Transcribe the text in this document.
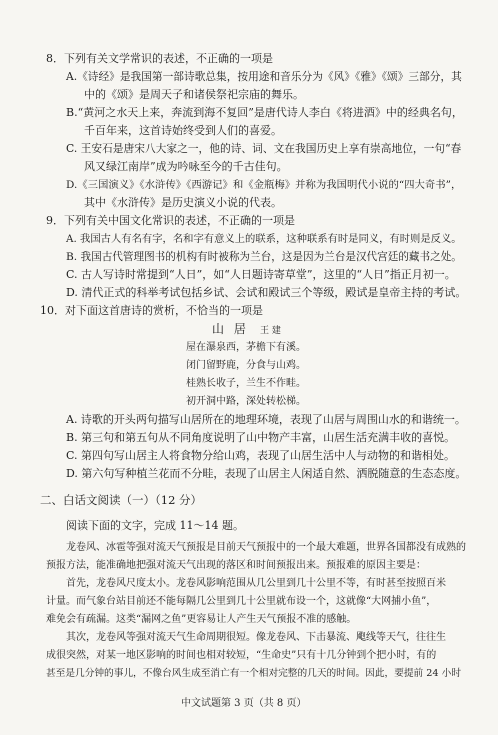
8．下列有关文学常识的表述，不正确的一项是
A.《诗经》是我国第一部诗歌总集，按用途和音乐分为《风》《雅》《颂》三部分，其
中的《颂》是周天子和诸侯祭祀宗庙的舞乐。
B.“黄河之水天上来，奔流到海不复回”是唐代诗人李白《将进酒》中的经典名句，
千百年来，这首诗始终受到人们的喜爱。
C. 王安石是唐宋八大家之一，他的诗、词、文在我国历史上享有崇高地位，一句“春
风又绿江南岸”成为吟咏至今的千古佳句。
D.《三国演义》《水浒传》《西游记》和《金瓶梅》并称为我国明代小说的“四大奇书”，
其中《水浒传》是历史演义小说的代表。
9．下列有关中国文化常识的表述，不正确的一项是
A. 我国古人有名有字，名和字有意义上的联系，这种联系有时是同义，有时则是反义。
B. 我国古代管理图书的机构有时被称为兰台，这是因为兰台是汉代宫廷的藏书之处。
C. 古人写诗时常提到“人日”，如“人日题诗寄草堂”，这里的“人日”指正月初一。
D. 清代正式的科举考试包括乡试、会试和殿试三个等级，殿试是皇帝主持的考试。
10．对下面这首唐诗的赏析，不恰当的一项是
山 居 王 建
屋在瀑泉西，茅檐下有溪。
闭门留野鹿，分食与山鸡。
桂熟长收子，兰生不作畦。
初开洞中路，深处转松梯。
A. 诗歌的开头两句描写山居所在的地理环境，表现了山居与周围山水的和谐统一。
B. 第三句和第五句从不同角度说明了山中物产丰富，山居生活充满丰收的喜悦。
C. 第四句写山居主人将食物分给山鸡，表现了山居生活中人与动物的和谐相处。
D. 第六句写种植兰花而不分畦，表现了山居主人闲适自然、洒脱随意的生态态度。
二、白话文阅读（一）（12 分）
阅读下面的文字，完成 11～14 题。
龙卷风、冰雹等强对流天气预报是目前天气预报中的一个最大难题，世界各国都没有成熟的
预报方法，能准确地把强对流天气出现的落区和时间预报出来。预报难的原因主要是：
首先，龙卷风尺度太小。龙卷风影响范围从几公里到几十公里不等，有时甚至按照百米
计量。而气象台站目前还不能每隔几公里到几十公里就布设一个，这就像“大网捕小鱼”，
难免会有疏漏。这类“漏网之鱼”更容易让人产生天气预报不准的感触。
其次，龙卷风等强对流天气生命周期很短。像龙卷风、下击暴流、飑线等天气，往往生
成很突然，对某一地区影响的时间也相对较短，“生命史”只有十几分钟到个把小时，有的
甚至是几分钟的事儿，不像台风生成至消亡有一个相对完整的几天的时间。因此，要提前 24 小时
中文试题第 3 页（共 8 页）
